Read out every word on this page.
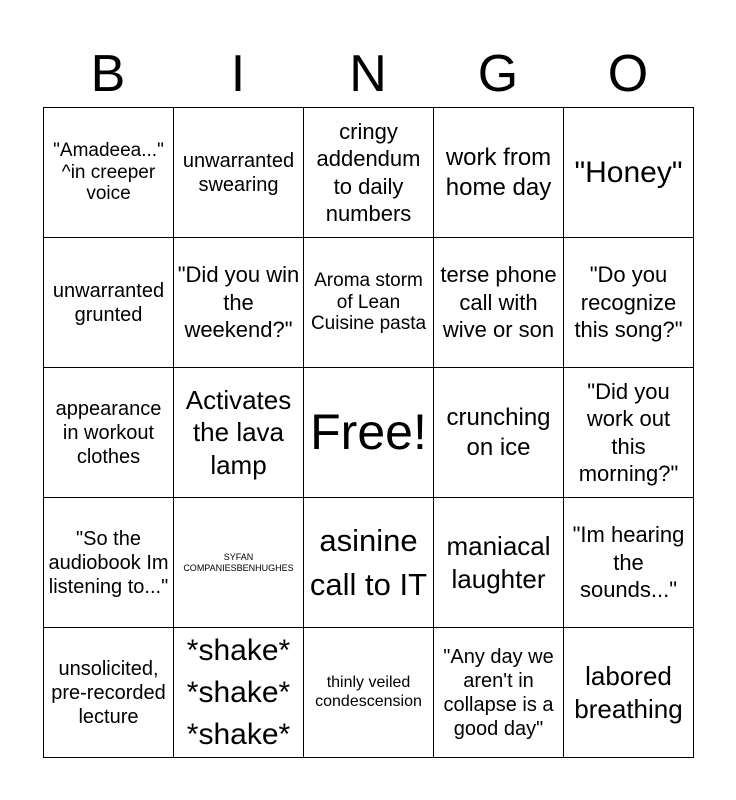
B	I	N	G	O
"Amadeea..." ^in creeper voice
unwarranted swearing
cringy addendum to daily numbers
work from home day "Honey"
unwarranted grunted
"Did you win the weekend?"
Aroma storm of Lean Cuisine pasta
terse phone call with wive or son
"Do you recognize this song?"
appearance in workout clothes
Activates the lava lamp
Free! crunching on ice
"Did you work out this morning?"
"So the audiobook Im listening to..."
SYFAN COMPANIESBENHUGHES
asinine call to IT
maniacal laughter
"Im hearing the sounds..."
unsolicited, pre-recorded lecture
*shake* *shake* *shake*
thinly veiled condescension
"Any day we aren't in collapse is a good day"
labored breathing
